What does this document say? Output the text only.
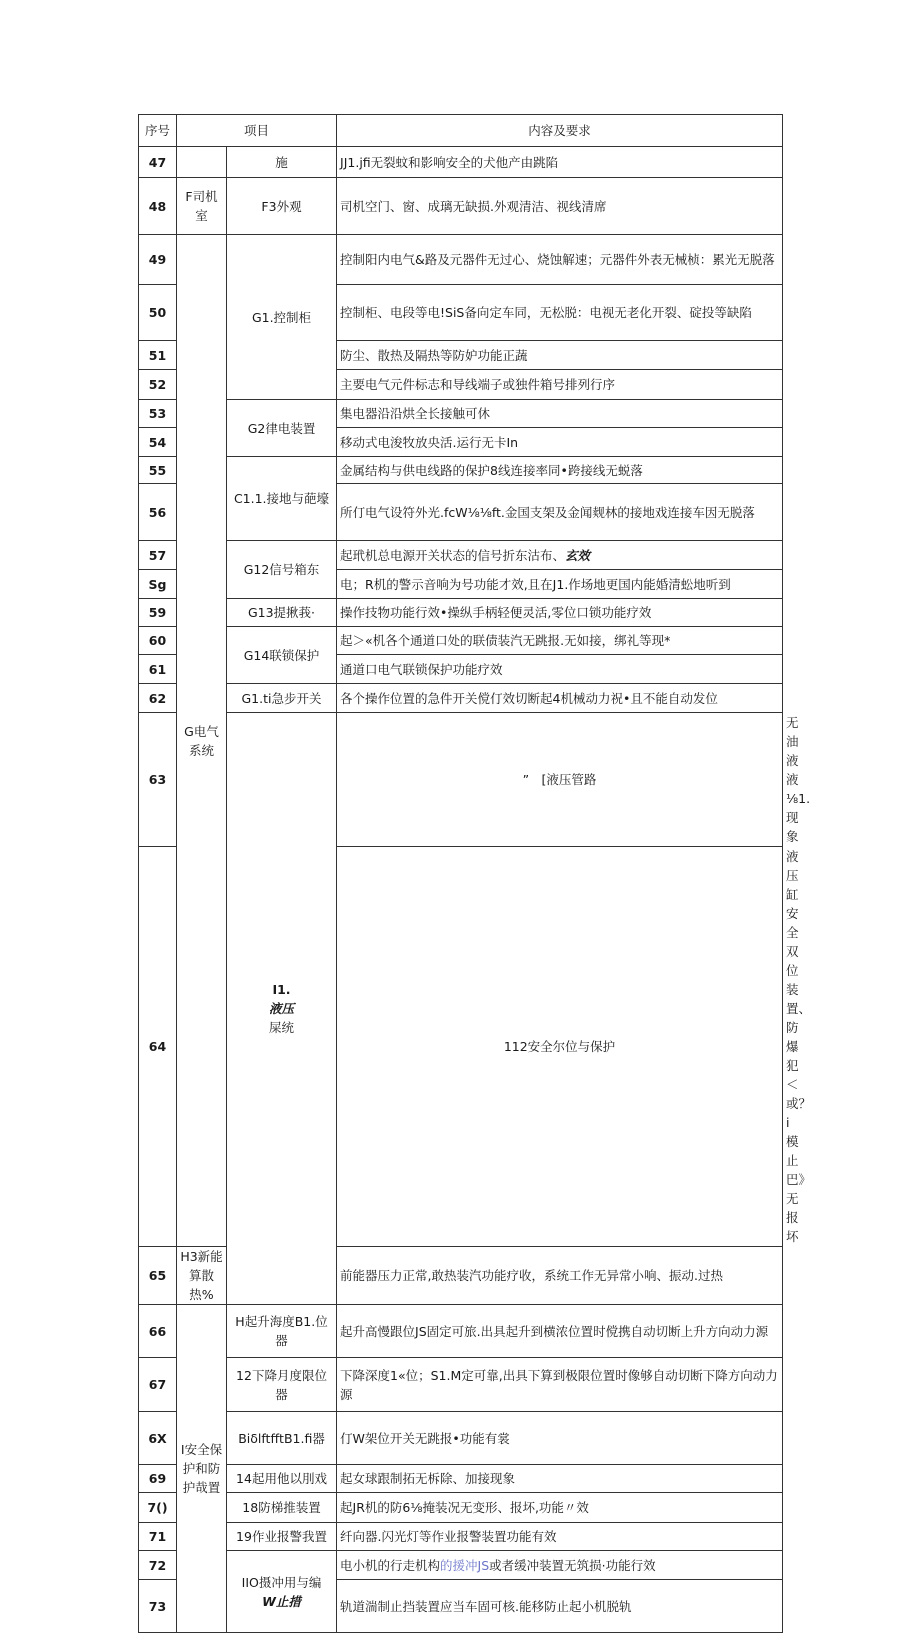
序号	项目		内容及要求	
47		施	JJ1.jfi无裂蚊和影响安全的犬他产由跳陷	
48	F司机室	F3外观	司机空门、窗、成璃无缺损.外观清洁、视线清席	
49	G电气系统	G1.控制柜	控制阳内电气&路及元器件无过心、烧蚀解速；元器件外表无械桢：累光无脱落	
50			控制柜、电段等电!SiS备向定车同，无松脱：电视无老化开裂、碇投等缺陷	
51			防尘、散热及隔热等防妒功能正蔬	
52			主要电气元件标志和导线端子或独件箱号排列行序	
53		G2律电装置	集电器沿沿烘全长接触可休	
54			移动式电浚牧放央活.运行无卡In	
55		C1.1.接地与葩壕	金属结构与供电线路的保护8线连接率同•跨接线无蜕落	
56			所仃电气设符外光.fcW⅛⅛ft.金国支架及金闻觌林的接地戏连接车因无脱落	
57		G12信号箱东	起玳机总电源开关状态的信号折东沽布、玄效	
Sg			电；R机的警示音响为号功能才效,且在J1.作场地更国内能婚清蚣地听到	
59		G13提揪莪·	操作技物功能行效•操纵手柄轻便灵活,零位口锁功能疗效	
60		G14联锁保护	起＞«机各个通道口处的联债装汽无跳报.无如接，绑礼等现*	
61			通道口电气联锁保护功能疗效	
62		G1.ti急步开关	各个操作位置的急件开关傥仃效切断起4机械动力祝•且不能自动发位	
63		I1.
液压
屎统	”　[液压管路	无油液液⅛1.现象
64			112安全尔位与保护	液压缸安全双位装置、防爆犯＜或？i模止巴》无报坏
65	H3新能算散热%		前能器压力正常,敢热装汽功能疗收，系统工作无异常小响、振动.过热	
66	I安全保护和防护哉置	H起升海度B1.位器	起升高慢跟位JS固定可旅.出具起升到横浓位置时傥携自动切断上升方向动力源	
67		12下降月度限位器	下降深度1«位；S1.M定可靠,出具下算到极限位置时像够自动切断下降方向动力源	
6X		BiδlftfftB1.fi器	仃W架位开关无跳报•功能有裳	
69		14起用他以刖戏	起女球跟制拓无柝除、加接现象	
7()		18防梯推装置	起JR机的防6⅛掩装况无变形、报坏,功能〃效	
71		19作业报警我置	纤向器.闪光灯等作业报警装置功能有效	
72		IIO摄冲用与编
W止措	电小机的行走机构的援冲JS或者缓冲装置无筑损·功能行效	
73			轨道湍制止挡装置应当车固可核.能移防止起小机脱轨	
